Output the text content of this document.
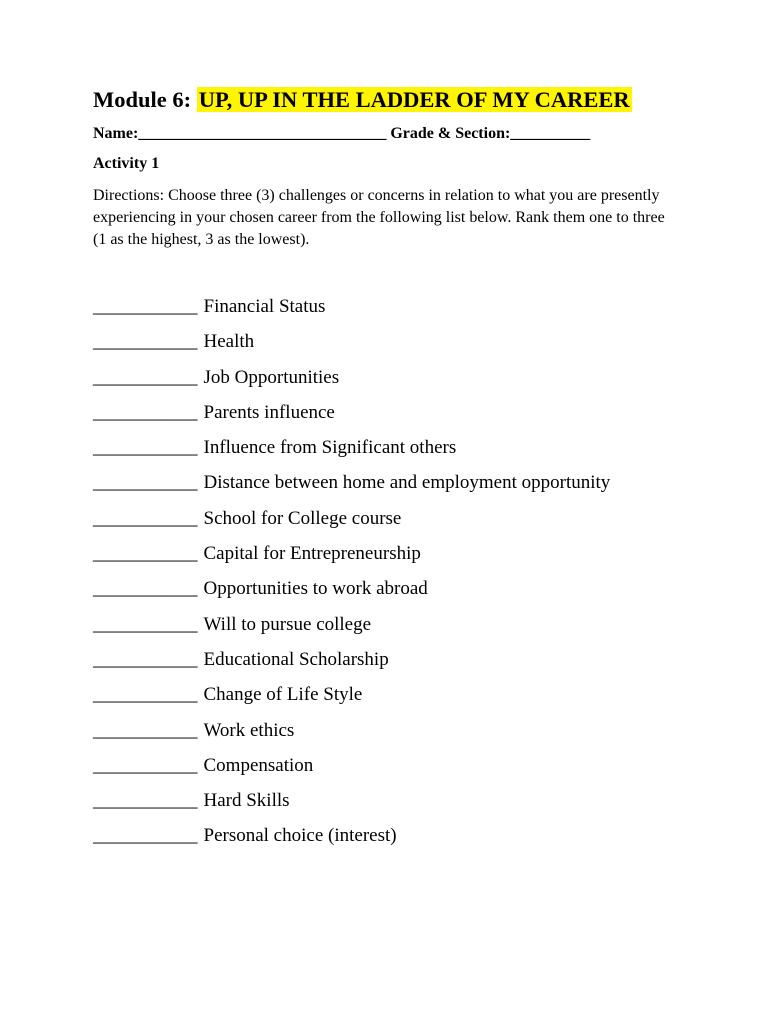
Module 6: UP, UP IN THE LADDER OF MY CAREER
Name:_______________________________ Grade & Section:__________
Activity 1
Directions: Choose three (3) challenges or concerns in relation to what you are presently experiencing in your chosen career from the following list below. Rank them one to three (1 as the highest, 3 as the lowest).
___________ Financial Status
___________ Health
___________ Job Opportunities
___________ Parents influence
___________ Influence from Significant others
___________ Distance between home and employment opportunity
___________ School for College course
___________ Capital for Entrepreneurship
___________ Opportunities to work abroad
___________ Will to pursue college
___________ Educational Scholarship
___________ Change of Life Style
___________ Work ethics
___________ Compensation
___________ Hard Skills
___________ Personal choice (interest)
